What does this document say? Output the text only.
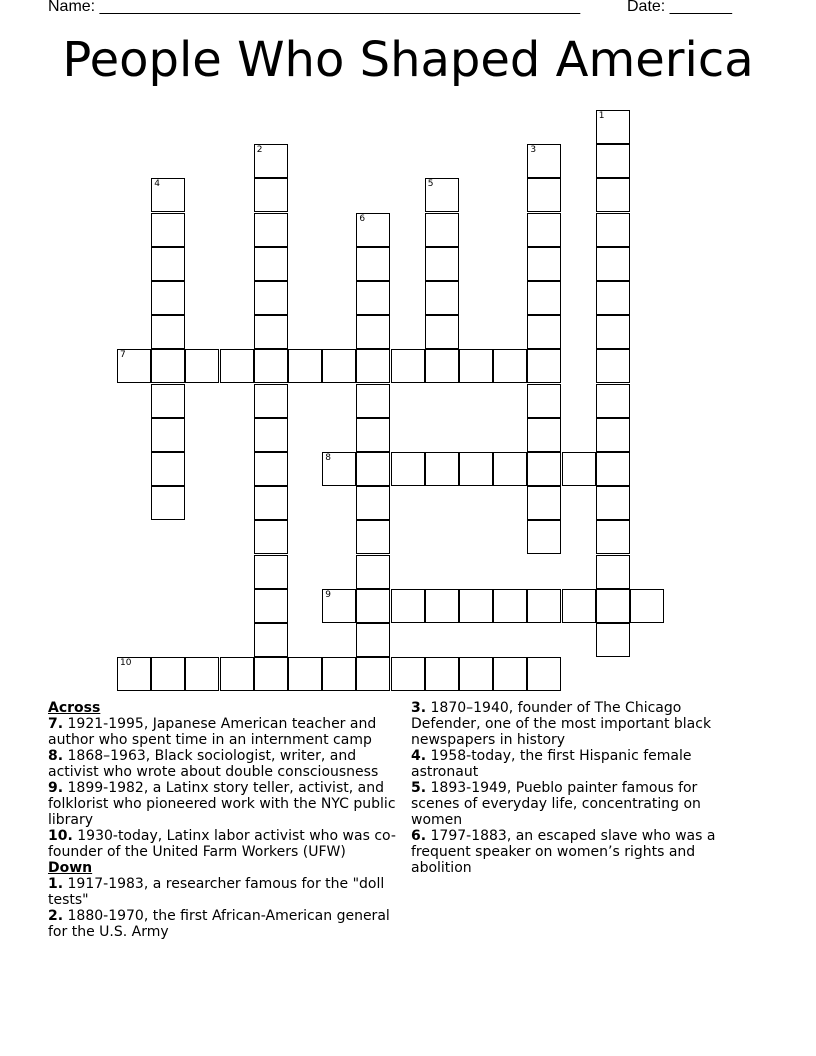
Name: ______________________________________________________	Date: _______
People Who Shaped America
1
2	3
4	5
6
7
8
9
10
Across
7. 1921-1995, Japanese American teacher and author who spent time in an internment camp
8. 1868–1963, Black sociologist, writer, and activist who wrote about double consciousness
9. 1899-1982, a Latinx story teller, activist, and folklorist who pioneered work with the NYC public library
10. 1930-today, Latinx labor activist who was co-founder of the United Farm Workers (UFW)
Down
1. 1917-1983, a researcher famous for the "doll tests"
2. 1880-1970, the first African-American general for the U.S. Army
3. 1870–1940, founder of The Chicago Defender, one of the most important black newspapers in history
4. 1958-today, the first Hispanic female astronaut
5. 1893-1949, Pueblo painter famous for scenes of everyday life, concentrating on women
6. 1797-1883, an escaped slave who was a frequent speaker on women’s rights and abolition
